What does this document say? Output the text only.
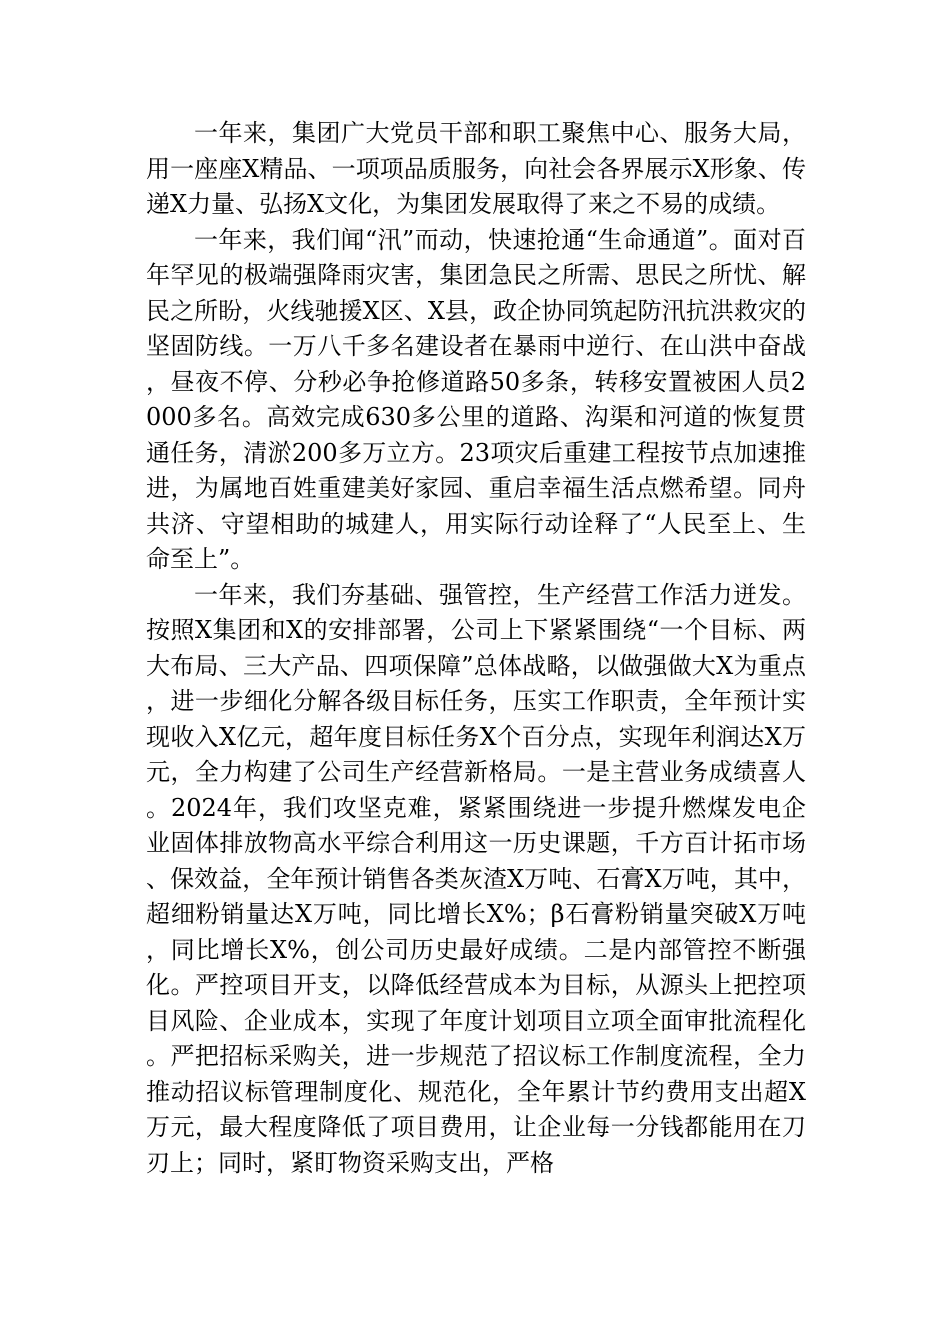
一年来，集团广大党员干部和职工聚焦中心、服务大局，用一座座X精品、一项项品质服务，向社会各界展示X形象、传递X力量、弘扬X文化，为集团发展取得了来之不易的成绩。

一年来，我们闻“汛”而动，快速抢通“生命通道”。面对百年罕见的极端强降雨灾害，集团急民之所需、思民之所忧、解民之所盼，火线驰援X区、X县，政企协同筑起防汛抗洪救灾的坚固防线。一万八千多名建设者在暴雨中逆行、在山洪中奋战，昼夜不停、分秒必争抢修道路50多条，转移安置被困人员2000多名。高效完成630多公里的道路、沟渠和河道的恢复贯通任务，清淤200多万立方。23项灾后重建工程按节点加速推进，为属地百姓重建美好家园、重启幸福生活点燃希望。同舟共济、守望相助的城建人，用实际行动诠释了“人民至上、生命至上”。

一年来，我们夯基础、强管控，生产经营工作活力迸发。按照X集团和X的安排部署，公司上下紧紧围绕“一个目标、两大布局、三大产品、四项保障”总体战略，以做强做大X为重点，进一步细化分解各级目标任务，压实工作职责，全年预计实现收入X亿元，超年度目标任务X个百分点，实现年利润达X万元，全力构建了公司生产经营新格局。一是主营业务成绩喜人。2024年，我们攻坚克难，紧紧围绕进一步提升燃煤发电企业固体排放物高水平综合利用这一历史课题，千方百计拓市场、保效益，全年预计销售各类灰渣X万吨、石膏X万吨，其中，超细粉销量达X万吨，同比增长X%；β石膏粉销量突破X万吨，同比增长X%，创公司历史最好成绩。二是内部管控不断强化。严控项目开支，以降低经营成本为目标，从源头上把控项目风险、企业成本，实现了年度计划项目立项全面审批流程化。严把招标采购关，进一步规范了招议标工作制度流程，全力推动招议标管理制度化、规范化，全年累计节约费用支出超X万元，最大程度降低了项目费用，让企业每一分钱都能用在刀刃上；同时，紧盯物资采购支出，严格
